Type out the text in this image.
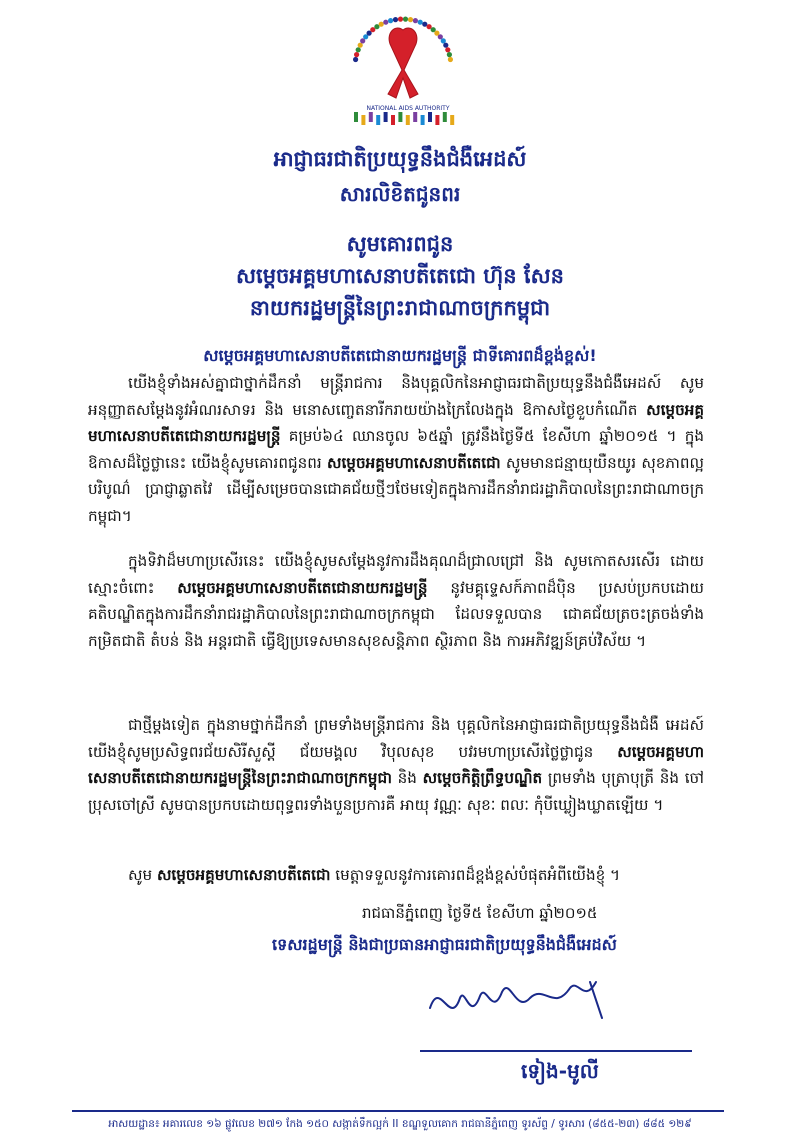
NATIONAL AIDS AUTHORITY
អាជ្ញាធរជាតិប្រយុទ្ធនឹងជំងឺអេដស៍
សារលិខិតជូនពរ
សូមគោរពជូន
សម្តេចអគ្គមហាសេនាបតីតេជោ ហ៊ុន សែន
នាយករដ្ឋមន្ត្រីនៃព្រះរាជាណាចក្រកម្ពុជា
សម្តេចអគ្គមហាសេនាបតីតេជោនាយករដ្ឋមន្ត្រី ជាទីគោរពដ៏ខ្ពង់ខ្ពស់!
យើងខ្ញុំទាំងអស់គ្នាជាថ្នាក់ដឹកនាំ មន្ត្រីរាជការ និងបុគ្គលិកនៃអាជ្ញាធរជាតិប្រយុទ្ធនឹងជំងឺអេដស៍ សូមអនុញ្ញាតសម្តែងនូវអំណរសាទរ និង មនោសញ្ចេតនារីករាយយ៉ាងក្រៃលែងក្នុង ឱកាសថ្ងៃខួបកំណើត សម្តេចអគ្គមហាសេនាបតីតេជោនាយករដ្ឋមន្ត្រី គម្រប់៦៤ ឈានចូល ៦៥ឆ្នាំ ត្រូវនឹងថ្ងៃទី៥ ខែសីហា ឆ្នាំ២០១៥ ។ ក្នុងឱកាសដ៏ថ្លៃថ្លានេះ យើងខ្ញុំសូមគោរពជូនពរ សម្តេចអគ្គមហាសេនាបតីតេជោ សូមមានជន្មាយុយឺនយូរ សុខភាពល្អបរិបូណ៌ ប្រាជ្ញាឆ្លាតវៃ ដើម្បីសម្រេចបានជោគជ័យថ្មីៗថែមទៀតក្នុងការដឹកនាំរាជរដ្ឋាភិបាលនៃព្រះរាជាណាចក្រកម្ពុជា។
ក្នុងទិវាដ៏មហាប្រសើរនេះ យើងខ្ញុំសូមសម្តែងនូវការដឹងគុណដ៏ជ្រាលជ្រៅ និង សូមកោតសរសើរ ដោយស្មោះចំពោះ សម្តេចអគ្គមហាសេនាបតីតេជោនាយករដ្ឋមន្ត្រី នូវមគ្គុទ្ទេសក៍ភាពដ៏ប៉ិន ប្រសប់ប្រកបដោយគតិបណ្ឌិតក្នុងការដឹកនាំរាជរដ្ឋាភិបាលនៃព្រះរាជាណាចក្រកម្ពុជា ដែលទទួលបាន ជោគជ័យត្រចះត្រចង់ទាំងកម្រិតជាតិ តំបន់ និង អន្តរជាតិ ធ្វើឱ្យប្រទេសមានសុខសន្តិភាព ស្ថិរភាព និង ការអភិវឌ្ឍន៍គ្រប់វិស័យ ។
ជាថ្មីម្តងទៀត ក្នុងនាមថ្នាក់ដឹកនាំ ព្រមទាំងមន្ត្រីរាជការ និង បុគ្គលិកនៃអាជ្ញាធរជាតិប្រយុទ្ធនឹងជំងឺ អេដស៍ យើងខ្ញុំសូមប្រសិទ្ធពរជ័យសិរីសួស្តី ជ័យមង្គល វិបុលសុខ បវរមហាប្រសើរថ្លៃថ្លាជូន សម្តេចអគ្គមហាសេនាបតីតេជោនាយករដ្ឋមន្ត្រីនៃព្រះរាជាណាចក្រកម្ពុជា និង សម្តេចកិត្តិព្រឹទ្ធបណ្ឌិត ព្រមទាំង បុត្រាបុត្រី និង ចៅប្រុសចៅស្រី សូមបានប្រកបដោយពុទ្ធពរទាំងបួនប្រការគឺ អាយុ វណ្ណៈ សុខៈ ពលៈ កុំបីឃ្លៀងឃ្លាតឡើយ ។
សូម សម្តេចអគ្គមហាសេនាបតីតេជោ មេត្តាទទួលនូវការគោរពដ៏ខ្ពង់ខ្ពស់បំផុតអំពីយើងខ្ញុំ ។
រាជធានីភ្នំពេញ ថ្ងៃទី៥ ខែសីហា ឆ្នាំ២០១៥
ទេសរដ្ឋមន្ត្រី និងជាប្រធានអាជ្ញាធរជាតិប្រយុទ្ធនឹងជំងឺអេដស៍
ទៀង-មូលី
អាសយដ្ឋាន៖ អគារលេខ ១៦ ផ្លូវលេខ ២៧១ កែង ១៥០ សង្កាត់ទឹកល្អក់ II ខណ្ឌទួលគោក រាជធានីភ្នំពេញ ទូរស័ព្ទ / ទូរសារ (៨៥៥-២៣) ៨៨៥ ១២៩
